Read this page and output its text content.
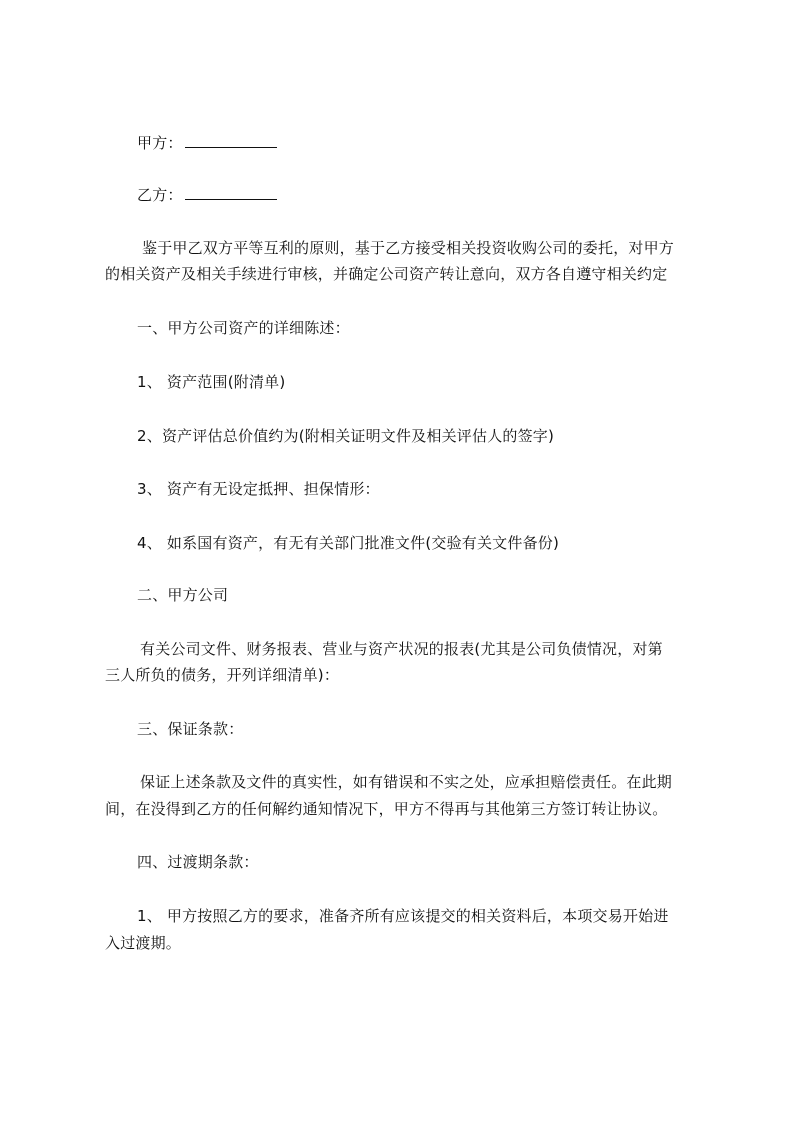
甲方：
乙方：
鉴于甲乙双方平等互利的原则，基于乙方接受相关投资收购公司的委托，对甲方
的相关资产及相关手续进行审核，并确定公司资产转让意向，双方各自遵守相关约定
一、甲方公司资产的详细陈述：
1、 资产范围(附清单)
2、资产评估总价值约为(附相关证明文件及相关评估人的签字)
3、 资产有无设定抵押、担保情形：
4、 如系国有资产，有无有关部门批准文件(交验有关文件备份)
二、甲方公司
有关公司文件、财务报表、营业与资产状况的报表(尤其是公司负债情况，对第
三人所负的债务，开列详细清单)：
三、保证条款：
保证上述条款及文件的真实性，如有错误和不实之处，应承担赔偿责任。在此期
间，在没得到乙方的任何解约通知情况下，甲方不得再与其他第三方签订转让协议。
四、过渡期条款：
1、 甲方按照乙方的要求，准备齐所有应该提交的相关资料后，本项交易开始进
入过渡期。
